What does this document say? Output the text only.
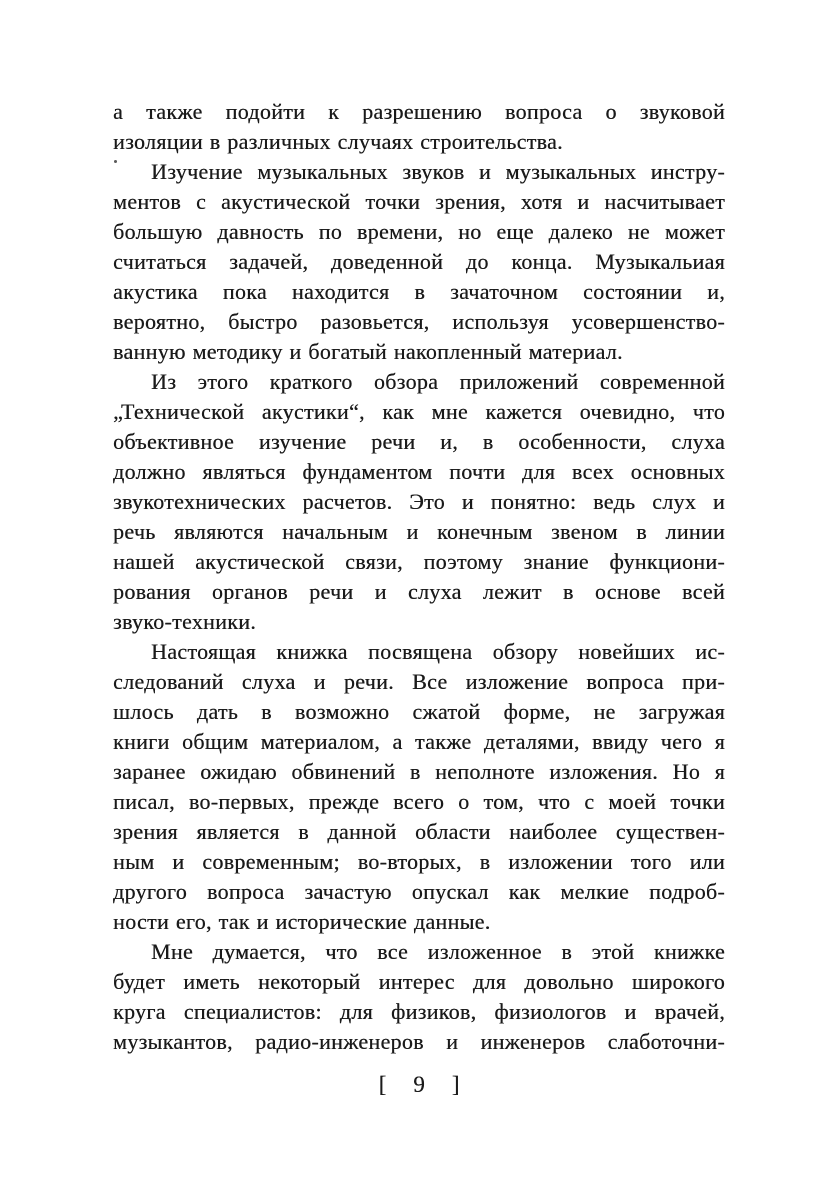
а также подойти к разрешению вопроса о звуковой
изоляции в различных случаях строительства.
Изучение музыкальных звуков и музыкальных инстру-
ментов с акустической точки зрения, хотя и насчитывает
большую давность по времени, но еще далеко не может
считаться задачей, доведенной до конца. Музыкальиая
акустика пока находится в зачаточном состоянии и,
вероятно, быстро разовьется, используя усовершенство-
ванную методику и богатый накопленный материал.
Из этого краткого обзора приложений современной
„Технической акустики“, как мне кажется очевидно, что
объективное изучение речи и, в особенности, слуха
должно являться фундаментом почти для всех основных
звукотехнических расчетов. Это и понятно: ведь слух и
речь являются начальным и конечным звеном в линии
нашей акустической связи, поэтому знание функциони-
рования органов речи и слуха лежит в основе всей
звуко-техники.
Настоящая книжка посвящена обзору новейших ис-
следований слуха и речи. Все изложение вопроса при-
шлось дать в возможно сжатой форме, не загружая
книги общим материалом, а также деталями, ввиду чего я
заранее ожидаю обвинений в неполноте изложения. Но я
писал, во-первых, прежде всего о том, что с моей точки
зрения является в данной области наиболее существен-
ным и современным; во-вторых, в изложении того или
другого вопроса зачастую опускал как мелкие подроб-
ности его, так и исторические данные.
Мне думается, что все изложенное в этой книжке
будет иметь некоторый интерес для довольно широкого
круга специалистов: для физиков, физиологов и врачей,
музыкантов, радио-инженеров и инженеров слаботочни-
[ 9 ]
